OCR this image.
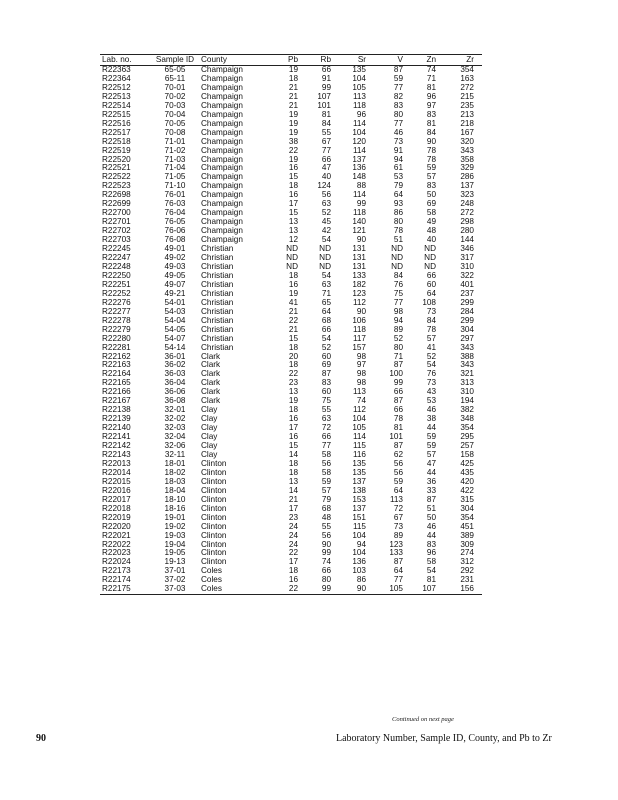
Lab. no.	Sample ID	County	Pb	Rb	Sr	V	Zn	Zr
R22363	65-05	Champaign	19	66	135	87	74	354
R22364	65-11	Champaign	18	91	104	59	71	163
R22512	70-01	Champaign	21	99	105	77	81	272
R22513	70-02	Champaign	21	107	113	82	96	215
R22514	70-03	Champaign	21	101	118	83	97	235
R22515	70-04	Champaign	19	81	96	80	83	213
R22516	70-05	Champaign	19	84	114	77	81	218
R22517	70-08	Champaign	19	55	104	46	84	167
R22518	71-01	Champaign	38	67	120	73	90	320
R22519	71-02	Champaign	22	77	114	91	78	343
R22520	71-03	Champaign	19	66	137	94	78	358
R22521	71-04	Champaign	16	47	136	61	59	329
R22522	71-05	Champaign	15	40	148	53	57	286
R22523	71-10	Champaign	18	124	88	79	83	137
R22698	76-01	Champaign	16	56	114	64	50	323
R22699	76-03	Champaign	17	63	99	93	69	248
R22700	76-04	Champaign	15	52	118	86	58	272
R22701	76-05	Champaign	13	45	140	80	49	298
R22702	76-06	Champaign	13	42	121	78	48	280
R22703	76-08	Champaign	12	54	90	51	40	144
R22245	49-01	Christian	ND	ND	131	ND	ND	346
R22247	49-02	Christian	ND	ND	131	ND	ND	317
R22248	49-03	Christian	ND	ND	131	ND	ND	310
R22250	49-05	Christian	18	54	133	84	66	322
R22251	49-07	Christian	16	63	182	76	60	401
R22252	49-21	Christian	19	71	123	75	64	237
R22276	54-01	Christian	41	65	112	77	108	299
R22277	54-03	Christian	21	64	90	98	73	284
R22278	54-04	Christian	22	68	106	94	84	299
R22279	54-05	Christian	21	66	118	89	78	304
R22280	54-07	Christian	15	54	117	52	57	297
R22281	54-14	Christian	18	52	157	80	41	343
R22162	36-01	Clark	20	60	98	71	52	388
R22163	36-02	Clark	18	69	97	87	54	343
R22164	36-03	Clark	22	87	98	100	76	321
R22165	36-04	Clark	23	83	98	99	73	313
R22166	36-06	Clark	13	60	113	66	43	310
R22167	36-08	Clark	19	75	74	87	53	194
R22138	32-01	Clay	18	55	112	66	46	382
R22139	32-02	Clay	16	63	104	78	38	348
R22140	32-03	Clay	17	72	105	81	44	354
R22141	32-04	Clay	16	66	114	101	59	295
R22142	32-06	Clay	15	77	115	87	59	257
R22143	32-11	Clay	14	58	116	62	57	158
R22013	18-01	Clinton	18	56	135	56	47	425
R22014	18-02	Clinton	18	58	135	56	44	435
R22015	18-03	Clinton	13	59	137	59	36	420
R22016	18-04	Clinton	14	57	138	64	33	422
R22017	18-10	Clinton	21	79	153	113	87	315
R22018	18-16	Clinton	17	68	137	72	51	304
R22019	19-01	Clinton	23	48	151	67	50	354
R22020	19-02	Clinton	24	55	115	73	46	451
R22021	19-03	Clinton	24	56	104	89	44	389
R22022	19-04	Clinton	24	90	94	123	83	309
R22023	19-05	Clinton	22	99	104	133	96	274
R22024	19-13	Clinton	17	74	136	87	58	312
R22173	37-01	Coles	18	66	103	64	54	292
R22174	37-02	Coles	16	80	86	77	81	231
R22175	37-03	Coles	22	99	90	105	107	156
Continued on next page
90	Laboratory Number, Sample ID, County, and Pb to Zr
